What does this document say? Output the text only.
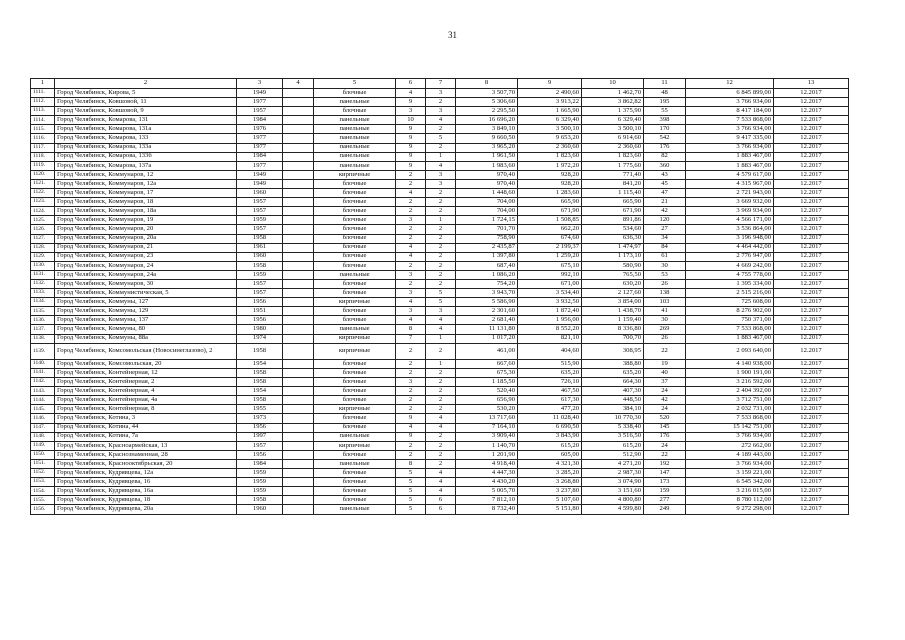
31
1	2	3	4	5	6	7	8	9	10	11	12	13
1111.	Город Челябинск, Кирова, 5	1949		блочные	4	3	3 507,70	2 490,60	1 462,70	48	6 845 899,00	12.2017
1112.	Город Челябинск, Ковшовой, 11	1977		панельные	9	2	5 306,60	3 913,22	3 862,82	195	3 766 934,00	12.2017
1113.	Город Челябинск, Ковшовой, 9	1957		блочные	3	3	2 295,50	1 665,90	1 375,90	55	8 417 184,00	12.2017
1114.	Город Челябинск, Комарова, 131	1984		панельные	10	4	16 696,20	6 329,40	6 329,40	398	7 533 868,00	12.2017
1115.	Город Челябинск, Комарова, 131а	1976		панельные	9	2	3 849,10	3 500,10	3 500,10	170	3 766 934,00	12.2017
1116.	Город Челябинск, Комарова, 133	1977		панельные	9	5	9 660,50	9 653,20	6 914,60	542	9 417 335,00	12.2017
1117.	Город Челябинск, Комарова, 133а	1977		панельные	9	2	3 965,20	2 360,60	2 360,60	176	3 766 934,00	12.2017
1118.	Город Челябинск, Комарова, 133б	1984		панельные	9	1	1 961,50	1 823,60	1 823,60	82	1 883 467,00	12.2017
1119.	Город Челябинск, Комарова, 137а	1977		панельные	9	4	1 983,60	1 972,20	1 775,60	360	1 883 467,00	12.2017
1120.	Город Челябинск, Коммунаров, 12	1949		кирпичные	2	3	970,40	928,20	771,40	43	4 579 617,00	12.2017
1121.	Город Челябинск, Коммунаров, 12а	1949		блочные	2	3	970,40	928,20	841,20	45	4 315 967,00	12.2017
1122.	Город Челябинск, Коммунаров, 17	1960		блочные	4	2	1 448,60	1 283,60	1 115,40	47	2 721 943,00	12.2017
1123.	Город Челябинск, Коммунаров, 18	1957		блочные	2	2	704,00	665,90	665,90	21	3 669 932,00	12.2017
1124.	Город Челябинск, Коммунаров, 18а	1957		блочные	2	2	704,00	671,90	671,90	42	3 969 934,00	12.2017
1125.	Город Челябинск, Коммунаров, 19	1959		блочные	3	1	1 724,15	1 508,85	891,86	120	4 566 171,00	12.2017
1126.	Город Челябинск, Коммунаров, 20	1957		блочные	2	2	701,70	662,20	534,60	27	3 536 864,00	12.2017
1127.	Город Челябинск, Коммунаров, 20а	1958		блочные	2	2	758,90	674,60	636,30	34	3 196 948,00	12.2017
1128.	Город Челябинск, Коммунаров, 21	1961		блочные	4	2	2 435,87	2 199,37	1 474,97	84	4 464 442,00	12.2017
1129.	Город Челябинск, Коммунаров, 23	1960		блочные	4	2	1 397,80	1 259,20	1 173,10	61	2 776 947,00	12.2017
1130.	Город Челябинск, Коммунаров, 24	1958		блочные	2	2	687,40	675,10	580,90	30	4 669 242,00	12.2017
1131.	Город Челябинск, Коммунаров, 24а	1959		панельные	3	2	1 086,20	992,10	765,50	53	4 755 778,00	12.2017
1132.	Город Челябинск, Коммунаров, 30	1957		блочные	2	2	754,20	671,00	630,20	26	1 395 334,00	12.2017
1133.	Город Челябинск, Коммунистическая, 5	1957		блочные	3	5	3 943,70	3 534,40	2 127,60	138	2 515 216,00	12.2017
1134.	Город Челябинск, Коммуны, 127	1956		кирпичные	4	5	5 586,90	3 932,50	3 854,00	103	725 608,00	12.2017
1135.	Город Челябинск, Коммуны, 129	1951		блочные	3	3	2 301,60	1 872,40	1 438,70	41	8 276 902,00	12.2017
1136.	Город Челябинск, Коммуны, 137	1956		блочные	4	4	2 681,40	1 956,00	1 159,40	30	750 371,00	12.2017
1137.	Город Челябинск, Коммуны, 80	1980		панельные	8	4	11 131,80	8 552,20	8 336,80	269	7 533 868,00	12.2017
1138.	Город Челябинск, Коммуны, 88а	1974		кирпичные	7	1	1 017,20	821,10	700,70	26	1 883 467,00	12.2017
1139.	Город Челябинск, Комсомольская (Новосинеглазово), 2	1958		кирпичные	2	2	461,00	404,60	308,95	22	2 093 640,00	12.2017
1140.	Город Челябинск, Комсомольская, 20	1954		блочные	2	1	667,60	515,90	388,80	19	4 140 938,00	12.2017
1141.	Город Челябинск, Контейнерная, 12	1958		блочные	2	2	675,30	635,20	635,20	40	1 900 191,00	12.2017
1142.	Город Челябинск, Контейнерная, 2	1958		блочные	3	2	1 185,50	726,10	664,30	37	3 216 592,00	12.2017
1143.	Город Челябинск, Контейнерная, 4	1954		блочные	2	2	520,40	467,50	407,30	24	2 404 392,00	12.2017
1144.	Город Челябинск, Контейнерная, 4а	1958		блочные	2	2	656,90	617,30	448,50	42	3 712 751,00	12.2017
1145.	Город Челябинск, Контейнерная, 8	1955		кирпичные	2	2	530,20	477,20	384,10	24	2 032 731,00	12.2017
1146.	Город Челябинск, Котина, 3	1973		блочные	9	4	13 717,60	11 028,40	10 770,30	520	7 533 868,00	12.2017
1147.	Город Челябинск, Котина, 44	1956		блочные	4	4	7 164,10	6 690,50	5 338,40	145	15 142 751,00	12.2017
1148.	Город Челябинск, Котина, 7а	1997		панельные	9	2	3 909,40	3 843,90	3 516,50	176	3 766 934,00	12.2017
1149.	Город Челябинск, Красноармейская, 13	1957		кирпичные	2	2	1 140,70	615,20	615,20	24	272 662,00	12.2017
1150.	Город Челябинск, Краснознаменная, 28	1956		блочные	2	2	1 201,90	605,00	512,90	22	4 189 443,00	12.2017
1151.	Город Челябинск, Краснооктябрьская, 20	1984		панельные	8	2	4 918,40	4 321,30	4 271,20	192	3 766 934,00	12.2017
1152.	Город Челябинск, Кудрявцева, 12а	1959		блочные	5	4	4 447,30	3 285,20	2 987,30	147	3 159 221,00	12.2017
1153.	Город Челябинск, Кудрявцева, 16	1959		блочные	5	4	4 430,20	3 268,80	3 074,90	173	6 545 342,00	12.2017
1154.	Город Челябинск, Кудрявцева, 16а	1959		блочные	5	4	5 005,70	3 237,80	3 151,60	159	3 216 015,00	12.2017
1155.	Город Челябинск, Кудрявцева, 18	1958		блочные	5	6	7 812,10	5 107,60	4 800,80	277	8 780 112,00	12.2017
1156.	Город Челябинск, Кудрявцева, 20а	1960		панельные	5	6	8 732,40	5 151,80	4 599,80	249	9 272 298,00	12.2017
